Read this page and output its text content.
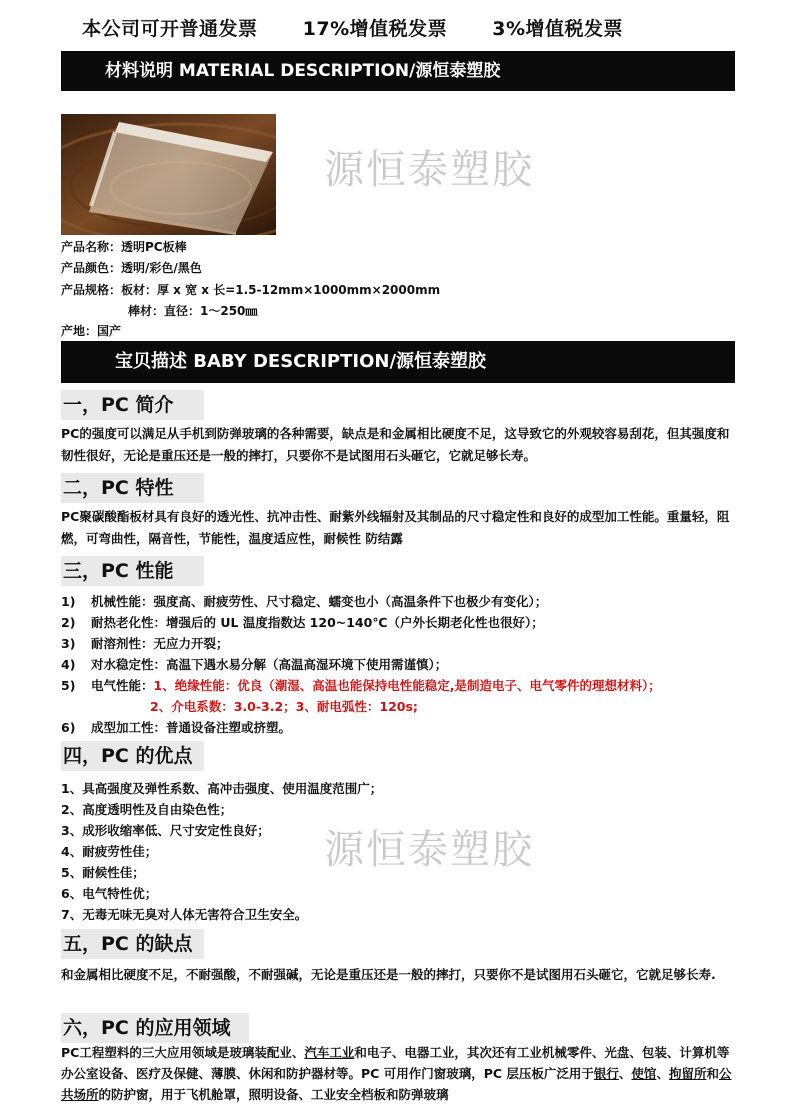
本公司可开普通发票 17%增值税发票 3%增值税发票
材料说明 MATERIAL DESCRIPTION/源恒泰塑胶
源恒泰塑胶
产品名称：透明PC板棒
产品颜色：透明/彩色/黑色
产品规格：板材：厚 x 宽 x 长=1.5-12mm×1000mm×2000mm
棒材：直径：1～250㎜
产地：国产
宝贝描述 BABY DESCRIPTION/源恒泰塑胶
一，PC 简介
PC的强度可以满足从手机到防弹玻璃的各种需要，缺点是和金属相比硬度不足，这导致它的外观较容易刮花，但其强度和韧性很好，无论是重压还是一般的摔打，只要你不是试图用石头砸它，它就足够长寿。
二，PC 特性
PC聚碳酸酯板材具有良好的透光性、抗冲击性、耐紫外线辐射及其制品的尺寸稳定性和良好的成型加工性能。重量轻，阻燃，可弯曲性，隔音性，节能性，温度适应性，耐候性 防结露
三，PC 性能
1) 机械性能：强度高、耐疲劳性、尺寸稳定、蠕变也小（高温条件下也极少有变化）；
2) 耐热老化性：增强后的 UL 温度指数达 120~140℃（户外长期老化性也很好）；
3) 耐溶剂性：无应力开裂；
4) 对水稳定性：高温下遇水易分解（高温高湿环境下使用需谨慎）；
5) 电气性能：1、绝缘性能：优良（潮湿、高温也能保持电性能稳定,是制造电子、电气零件的理想材料）；
2、介电系数：3.0-3.2；3、耐电弧性：120s;
6) 成型加工性：普通设备注塑或挤塑。
四，PC 的优点
1、具高强度及弹性系数、高冲击强度、使用温度范围广；
2、高度透明性及自由染色性；
3、成形收缩率低、尺寸安定性良好；
4、耐疲劳性佳；
5、耐候性佳；
6、电气特性优；
7、无毒无味无臭对人体无害符合卫生安全。
源恒泰塑胶
五，PC 的缺点
和金属相比硬度不足，不耐强酸，不耐强碱，无论是重压还是一般的摔打，只要你不是试图用石头砸它，它就足够长寿.
六，PC 的应用领域
PC工程塑料的三大应用领域是玻璃装配业、汽车工业和电子、电器工业，其次还有工业机械零件、光盘、包装、计算机等办公室设备、医疗及保健、薄膜、休闲和防护器材等。PC 可用作门窗玻璃，PC 层压板广泛用于银行、使馆、拘留所和公共场所的防护窗，用于飞机舱罩，照明设备、工业安全档板和防弹玻璃
